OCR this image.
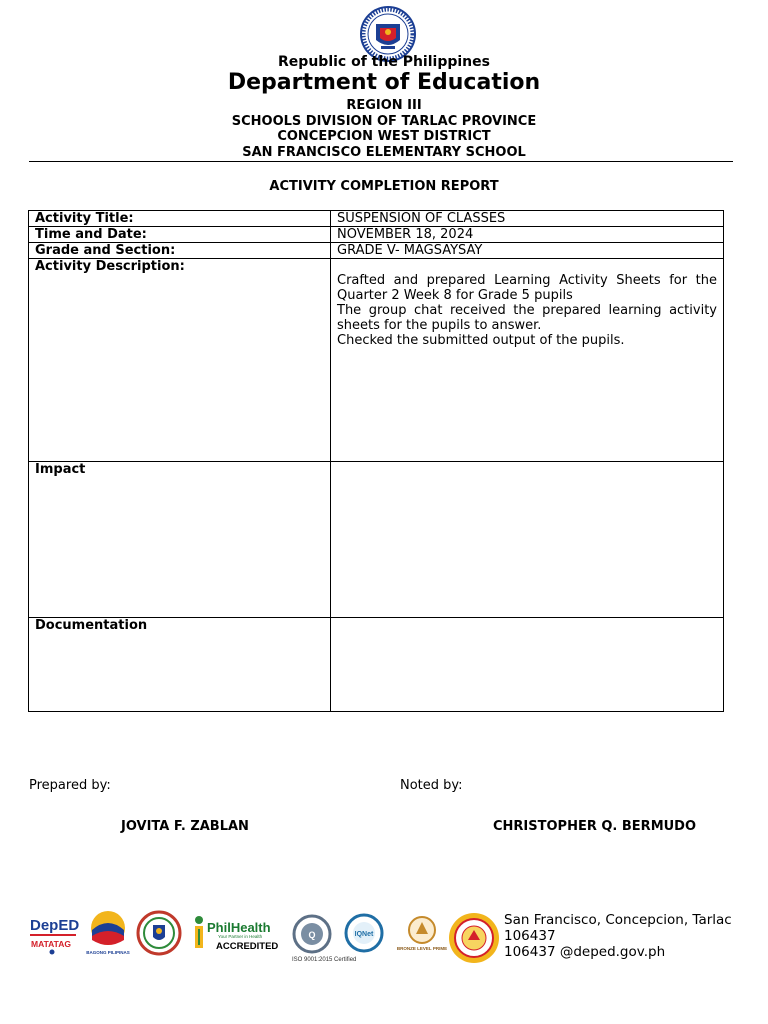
Republic of the Philippines
Department of Education
REGION III
SCHOOLS DIVISION OF TARLAC PROVINCE
CONCEPCION WEST DISTRICT
SAN FRANCISCO ELEMENTARY SCHOOL
ACTIVITY COMPLETION REPORT
Activity Title:	SUSPENSION OF CLASSES
Time and Date:	NOVEMBER 18, 2024
Grade and Section:	GRADE V- MAGSAYSAY
Activity Description:	Crafted and prepared Learning Activity Sheets for the Quarter 2 Week 8 for Grade 5 pupils

The group chat received the prepared learning activity sheets for the pupils to answer.

Checked the submitted output of the pupils.

Impact	
Documentation	
Prepared by:	Noted by:
JOVITA F. ZABLAN	CHRISTOPHER Q. BERMUDO
DepED
MATATAG
BAGONG PILIPINAS
PhilHealth
Your Partner in Health
ACCREDITED
Q
ISO 9001:2015 Certified
IQNet
BRONZE LEVEL PRIME
San Francisco, Concepcion, Tarlac
106437
106437 @deped.gov.ph
